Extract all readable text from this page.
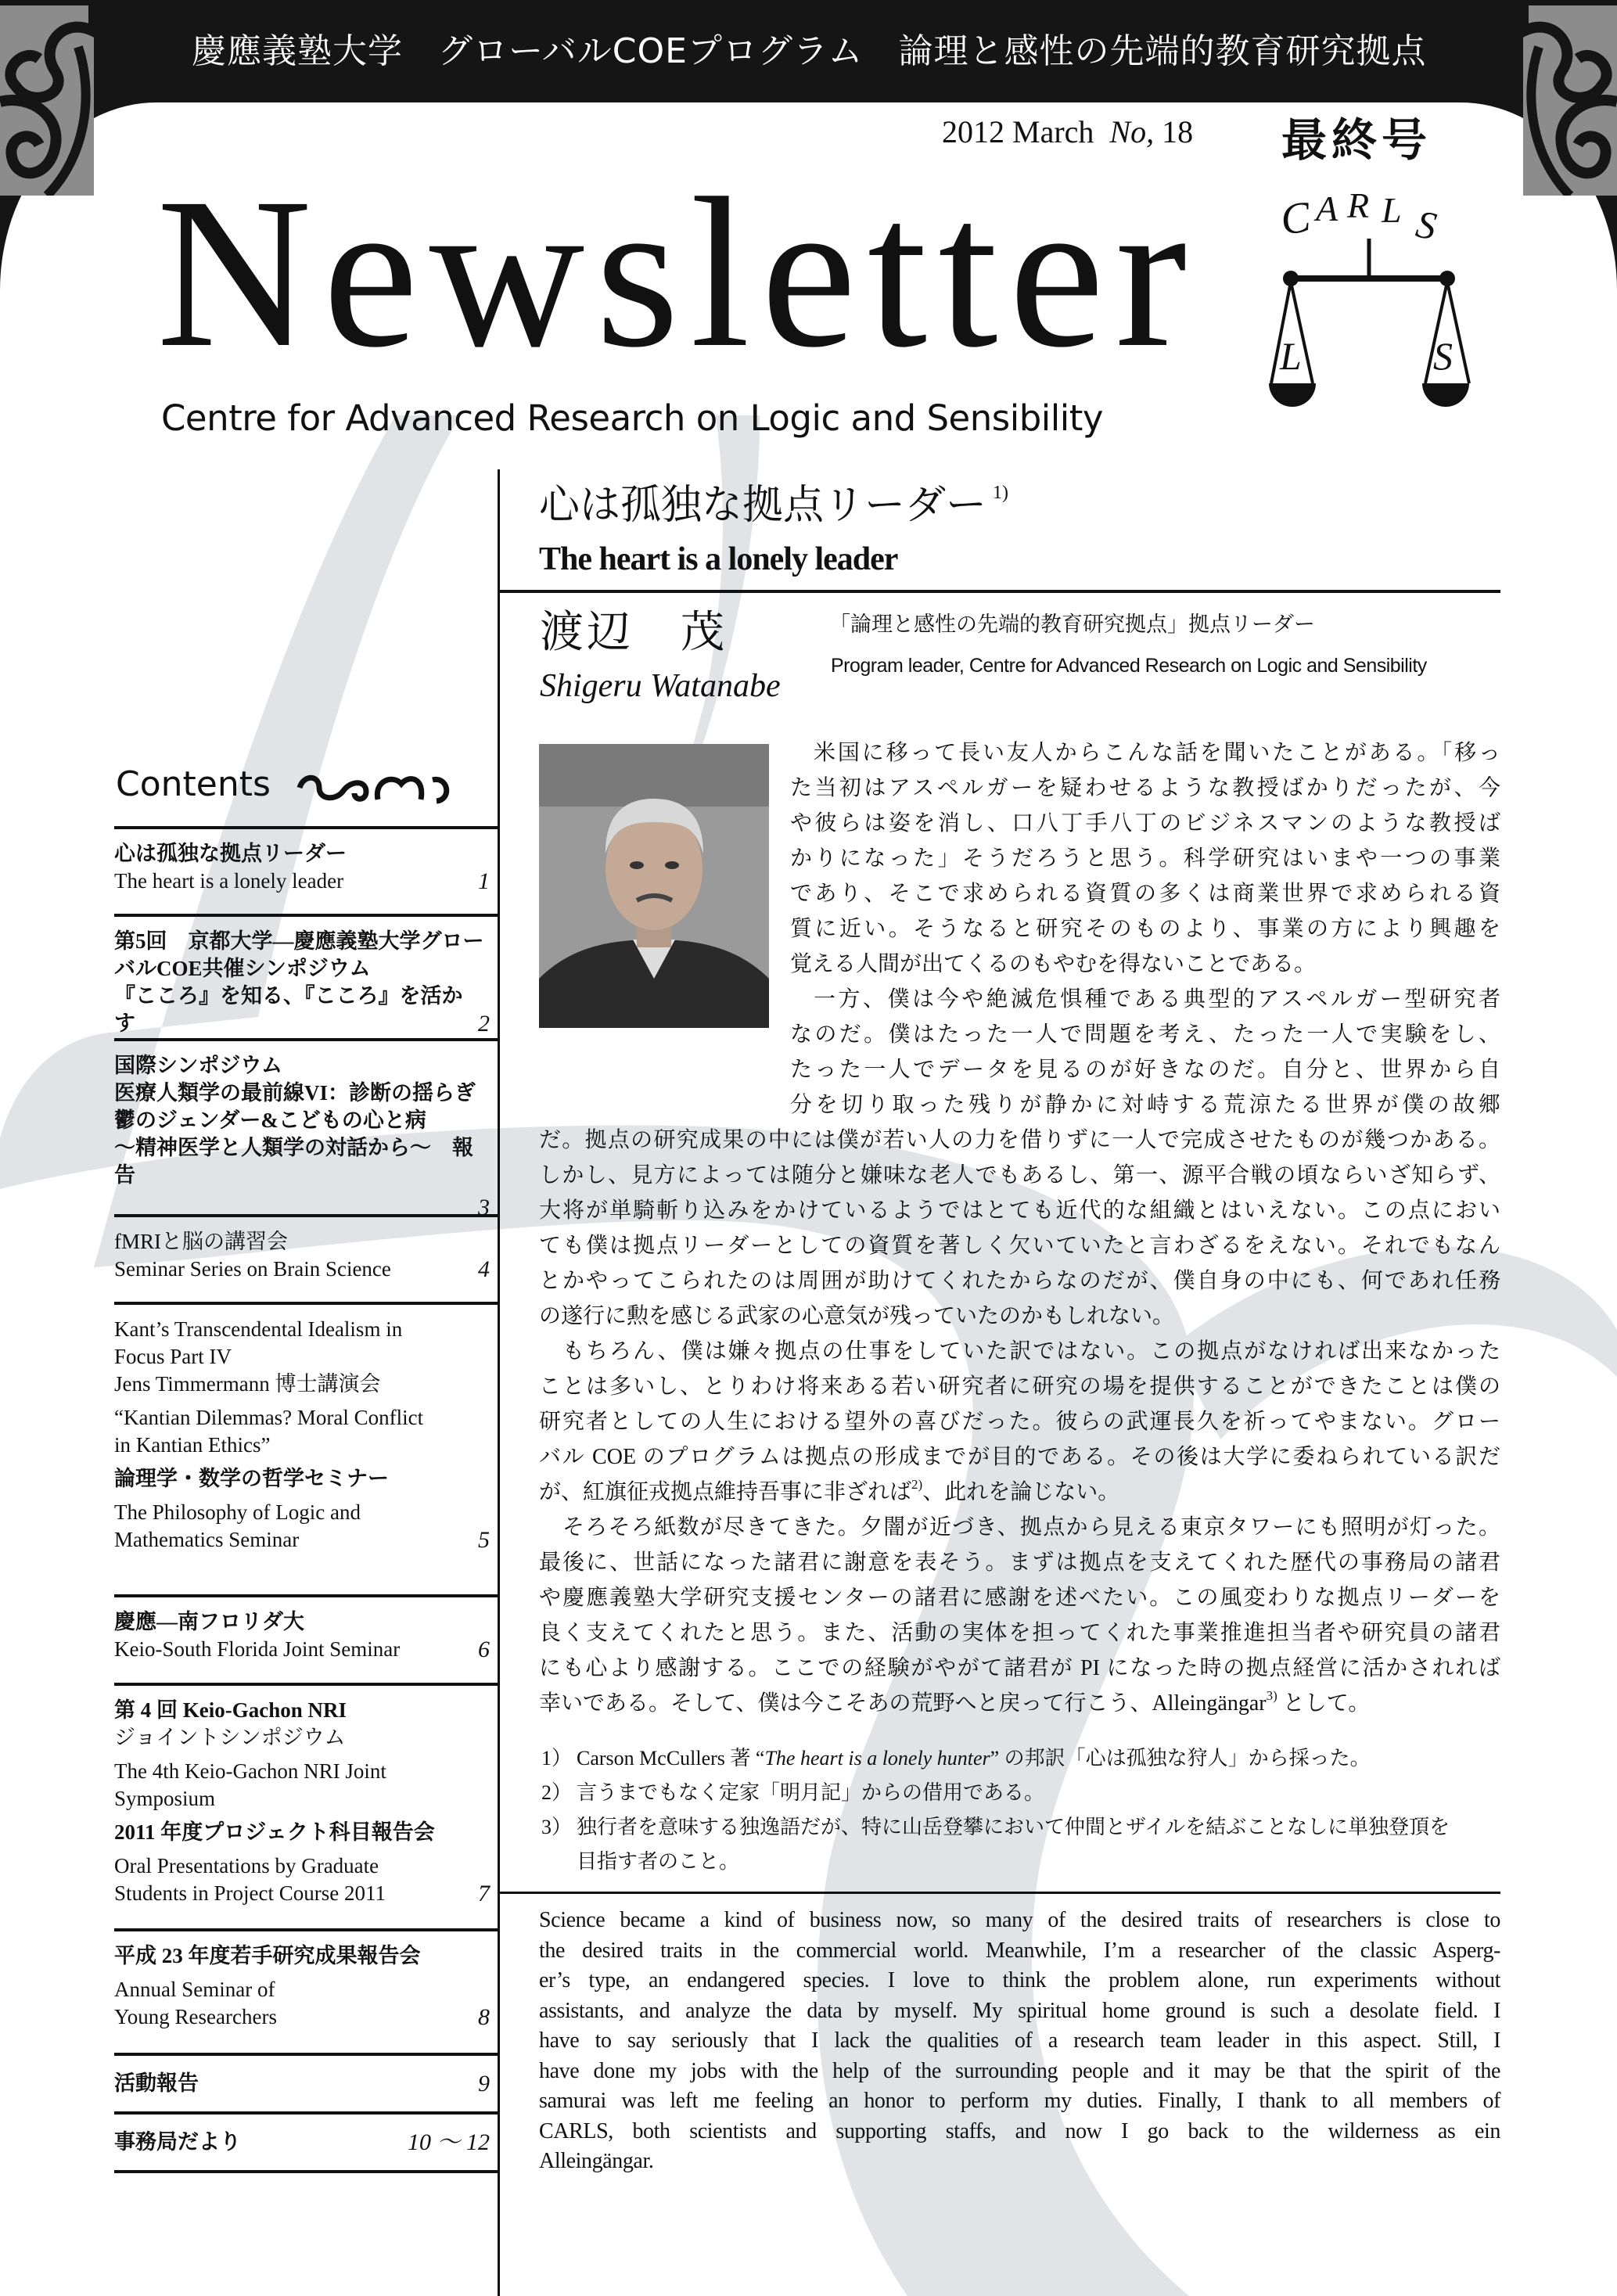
慶應義塾大学　グローバルCOEプログラム　論理と感性の先端的教育研究拠点
Newsletter
2012 March No, 18
Centre for Advanced Research on Logic and Sensibility
最終号
C A R L S
L	S
心は孤独な拠点リーダー $^{1)}$
The heart is a lonely leader
渡辺　茂
Shigeru Watanabe
「論理と感性の先端的教育研究拠点」拠点リーダー
Program leader, Centre for Advanced Research on Logic and Sensibility
米国に移って長い友人からこんな話を聞いたことがある。「移っ
た当初はアスペルガーを疑わせるような教授ばかりだったが、今
や彼らは姿を消し、口八丁手八丁のビジネスマンのような教授ば
かりになった」そうだろうと思う。科学研究はいまや一つの事業
であり、そこで求められる資質の多くは商業世界で求められる資
質に近い。そうなると研究そのものより、事業の方により興趣を
覚える人間が出てくるのもやむを得ないことである。
一方、僕は今や絶滅危惧種である典型的アスペルガー型研究者
なのだ。僕はたった一人で問題を考え、たった一人で実験をし、
たった一人でデータを見るのが好きなのだ。自分と、世界から自
分を切り取った残りが静かに対峙する荒涼たる世界が僕の故郷
だ。拠点の研究成果の中には僕が若い人の力を借りずに一人で完成させたものが幾つかある。
しかし、見方によっては随分と嫌味な老人でもあるし、第一、源平合戦の頃ならいざ知らず、
大将が単騎斬り込みをかけているようではとても近代的な組織とはいえない。この点におい
ても僕は拠点リーダーとしての資質を著しく欠いていたと言わざるをえない。それでもなん
とかやってこられたのは周囲が助けてくれたからなのだが、僕自身の中にも、何であれ任務
の遂行に勲を感じる武家の心意気が残っていたのかもしれない。
もちろん、僕は嫌々拠点の仕事をしていた訳ではない。この拠点がなければ出来なかった
ことは多いし、とりわけ将来ある若い研究者に研究の場を提供することができたことは僕の
研究者としての人生における望外の喜びだった。彼らの武運長久を祈ってやまない。グロー
バル COE のプログラムは拠点の形成までが目的である。その後は大学に委ねられている訳だ
が、紅旗征戎拠点維持吾事に非ざれば$^{2)}$、此れを論じない。
そろそろ紙数が尽きてきた。夕闇が近づき、拠点から見える東京タワーにも照明が灯った。
最後に、世話になった諸君に謝意を表そう。まずは拠点を支えてくれた歴代の事務局の諸君
や慶應義塾大学研究支援センターの諸君に感謝を述べたい。この風変わりな拠点リーダーを
良く支えてくれたと思う。また、活動の実体を担ってくれた事業推進担当者や研究員の諸君
にも心より感謝する。ここでの経験がやがて諸君が PI になった時の拠点経営に活かされれば
幸いである。そして、僕は今こそあの荒野へと戻って行こう、Alleingängar$^{3)}$ として。
1） Carson McCullers 著 “The heart is a lonely hunter” の邦訳「心は孤独な狩人」から採った。
2） 言うまでもなく定家「明月記」からの借用である。
3） 独行者を意味する独逸語だが、特に山岳登攀において仲間とザイルを結ぶことなしに単独登頂を
目指す者のこと。
Science became a kind of business now, so many of the desired traits of researchers is close to
the desired traits in the commercial world. Meanwhile, I’m a researcher of the classic Asperg-
er’s type, an endangered species. I love to think the problem alone, run experiments without
assistants, and analyze the data by myself. My spiritual home ground is such a desolate field. I
have to say seriously that I lack the qualities of a research team leader in this aspect. Still, I
have done my jobs with the help of the surrounding people and it may be that the spirit of the
samurai was left me feeling an honor to perform my duties. Finally, I thank to all members of
CARLS, both scientists and supporting staffs, and now I go back to the wilderness as ein
Alleingängar.
Contents
心は孤独な拠点リーダー
The heart is a lonely leader	1
第5回　京都大学―慶應義塾大学グロー
バルCOE共催シンポジウム
『こころ』を知る、『こころ』を活かす	2
国際シンポジウム
医療人類学の最前線VI：診断の揺らぎ
鬱のジェンダー&こどもの心と病
～精神医学と人類学の対話から～　報告
3
fMRIと脳の講習会
Seminar Series on Brain Science	4
Kant’s Transcendental Idealism in
Focus Part IV
Jens Timmermann 博士講演会
“Kantian Dilemmas? Moral Conflict
in Kantian Ethics”
論理学・数学の哲学セミナー
The Philosophy of Logic and
Mathematics Seminar	5
慶應―南フロリダ大
Keio-South Florida Joint Seminar	6
第 4 回 Keio-Gachon NRI
ジョイントシンポジウム
The 4th Keio-Gachon NRI Joint
Symposium
2011 年度プロジェクト科目報告会
Oral Presentations by Graduate
Students in Project Course 2011	7
平成 23 年度若手研究成果報告会
Annual Seminar of
Young Researchers	8
活動報告	9
事務局だより	10 ～ 12
